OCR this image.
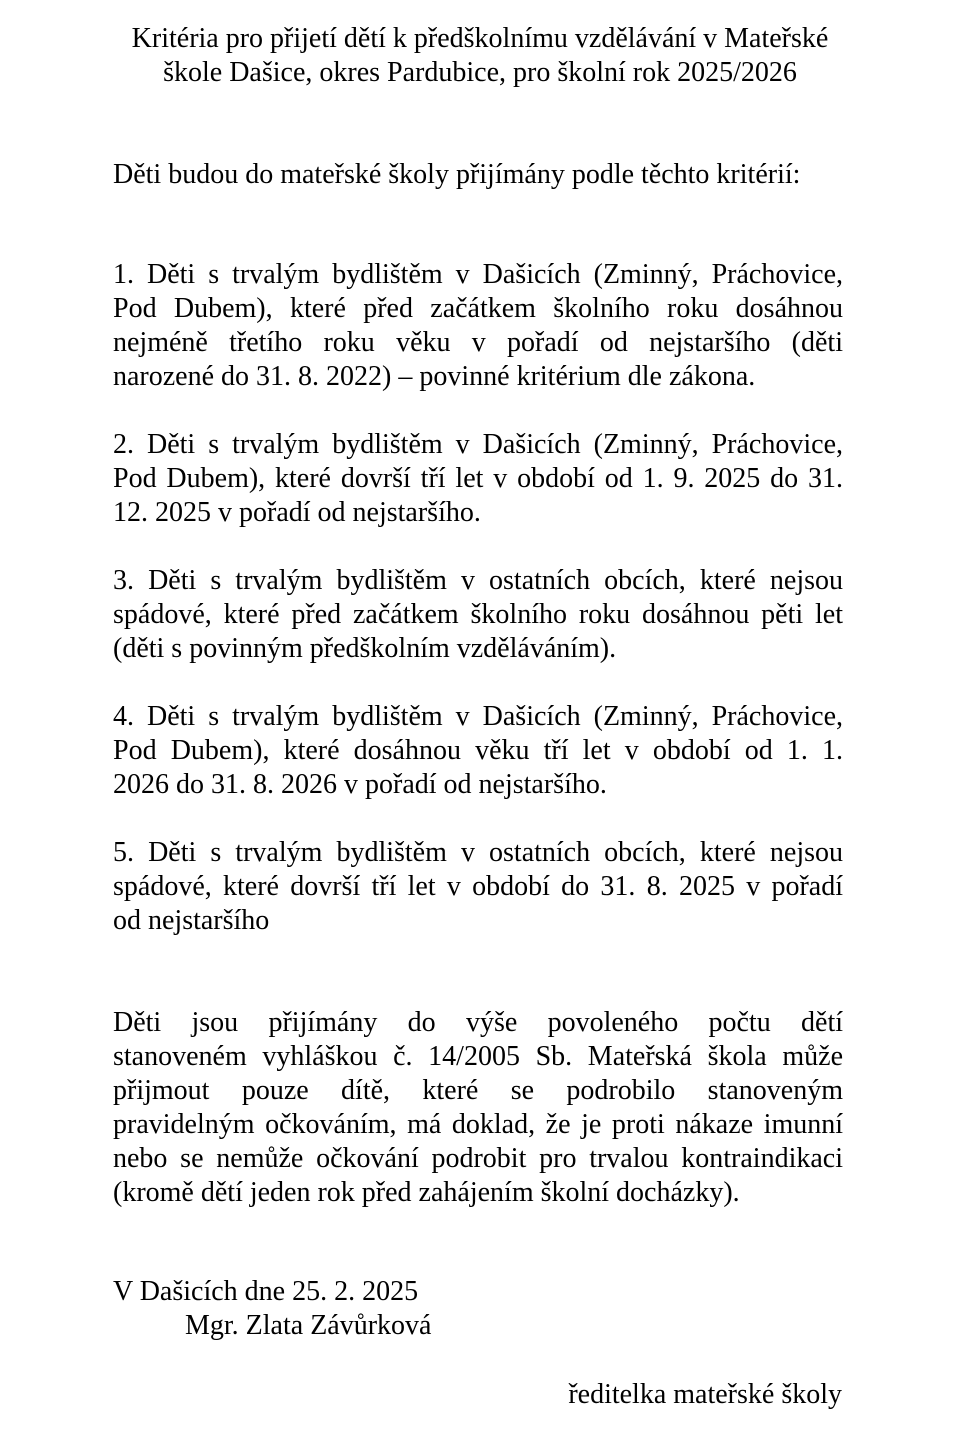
Kritéria pro přijetí dětí k předškolnímu vzdělávání v Mateřské
škole Dašice, okres Pardubice, pro školní rok 2025/2026

Děti budou do mateřské školy přijímány podle těchto kritérií:

1. Děti s trvalým bydlištěm v Dašicích (Zminný, Práchovice,
Pod Dubem), které před začátkem školního roku dosáhnou
nejméně třetího roku věku v pořadí od nejstaršího (děti
narozené do 31. 8. 2022) – povinné kritérium dle zákona.
2. Děti s trvalým bydlištěm v Dašicích (Zminný, Práchovice,
Pod Dubem), které dovrší tří let v období od 1. 9. 2025 do 31.
12. 2025 v pořadí od nejstaršího.
3. Děti s trvalým bydlištěm v ostatních obcích, které nejsou
spádové, které před začátkem školního roku dosáhnou pěti let
(děti s povinným předškolním vzděláváním).
4. Děti s trvalým bydlištěm v Dašicích (Zminný, Práchovice,
Pod Dubem), které dosáhnou věku tří let v období od 1. 1.
2026 do 31. 8. 2026 v pořadí od nejstaršího.
5. Děti s trvalým bydlištěm v ostatních obcích, které nejsou
spádové, které dovrší tří let v období do 31. 8. 2025 v pořadí
od nejstaršího
Děti jsou přijímány do výše povoleného počtu dětí
stanoveném vyhláškou č. 14/2005 Sb. Mateřská škola může
přijmout pouze dítě, které se podrobilo stanoveným
pravidelným očkováním, má doklad, že je proti nákaze imunní
nebo se nemůže očkování podrobit pro trvalou kontraindikaci
(kromě dětí jeden rok před zahájením školní docházky).

V Dašicích dne 25. 2. 2025

Mgr. Zlata Závůrková

ředitelka mateřské školy
